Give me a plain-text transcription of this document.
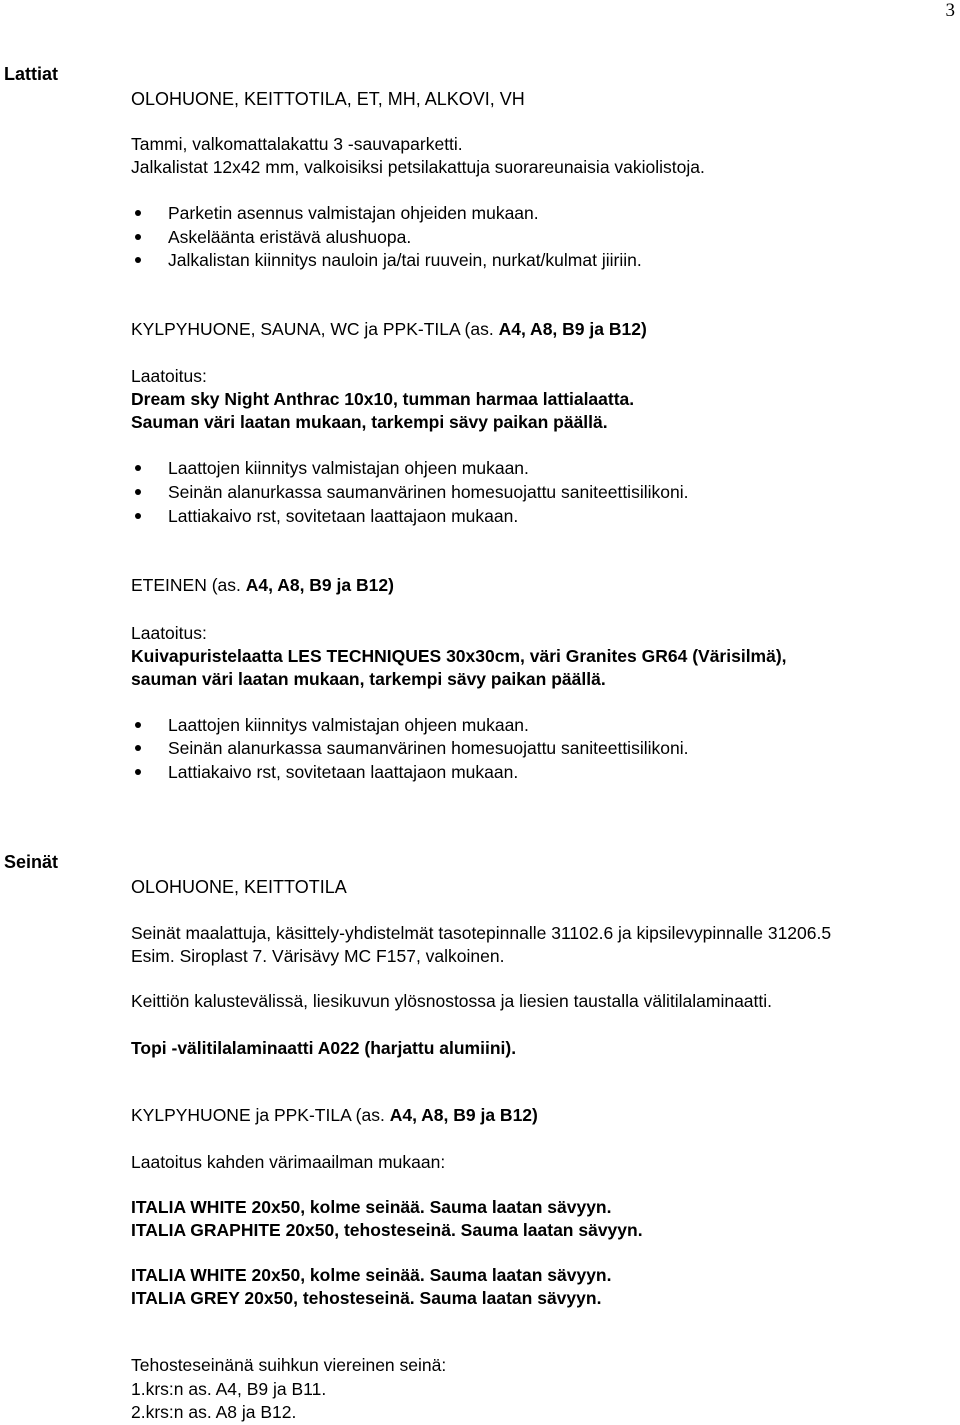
3
Lattiat
OLOHUONE, KEITTOTILA, ET, MH, ALKOVI, VH
Tammi, valkomattalakattu 3 -sauvaparketti.
Jalkalistat 12x42 mm, valkoisiksi petsilakattuja suorareunaisia vakiolistoja.
Parketin asennus valmistajan ohjeiden mukaan.
Askeläänta eristävä alushuopa.
Jalkalistan kiinnitys nauloin ja/tai ruuvein, nurkat/kulmat jiiriin.
KYLPYHUONE, SAUNA, WC ja PPK-TILA (as. A4, A8, B9 ja B12)
Laatoitus:
Dream sky Night Anthrac 10x10, tumman harmaa lattialaatta.
Sauman väri laatan mukaan, tarkempi sävy paikan päällä.
Laattojen kiinnitys valmistajan ohjeen mukaan.
Seinän alanurkassa saumanvärinen homesuojattu saniteettisilikoni.
Lattiakaivo rst, sovitetaan laattajaon mukaan.
ETEINEN (as. A4, A8, B9 ja B12)
Laatoitus:
Kuivapuristelaatta LES TECHNIQUES 30x30cm, väri Granites GR64 (Värisilmä),
sauman väri laatan mukaan, tarkempi sävy paikan päällä.
Laattojen kiinnitys valmistajan ohjeen mukaan.
Seinän alanurkassa saumanvärinen homesuojattu saniteettisilikoni.
Lattiakaivo rst, sovitetaan laattajaon mukaan.
Seinät
OLOHUONE, KEITTOTILA
Seinät maalattuja, käsittely-yhdistelmät tasotepinnalle 31102.6 ja kipsilevypinnalle 31206.5
Esim. Siroplast 7. Värisävy MC F157, valkoinen.
Keittiön kalustevälissä, liesikuvun ylösnostossa ja liesien taustalla välitilalaminaatti.
Topi -välitilalaminaatti A022 (harjattu alumiini).
KYLPYHUONE ja PPK-TILA (as. A4, A8, B9 ja B12)
Laatoitus kahden värimaailman mukaan:
ITALIA WHITE 20x50, kolme seinää. Sauma laatan sävyyn.
ITALIA GRAPHITE 20x50, tehosteseinä. Sauma laatan sävyyn.
ITALIA WHITE 20x50, kolme seinää. Sauma laatan sävyyn.
ITALIA GREY 20x50, tehosteseinä. Sauma laatan sävyyn.
Tehosteseinänä suihkun viereinen seinä:
1.krs:n as. A4, B9 ja B11.
2.krs:n as. A8 ja B12.
